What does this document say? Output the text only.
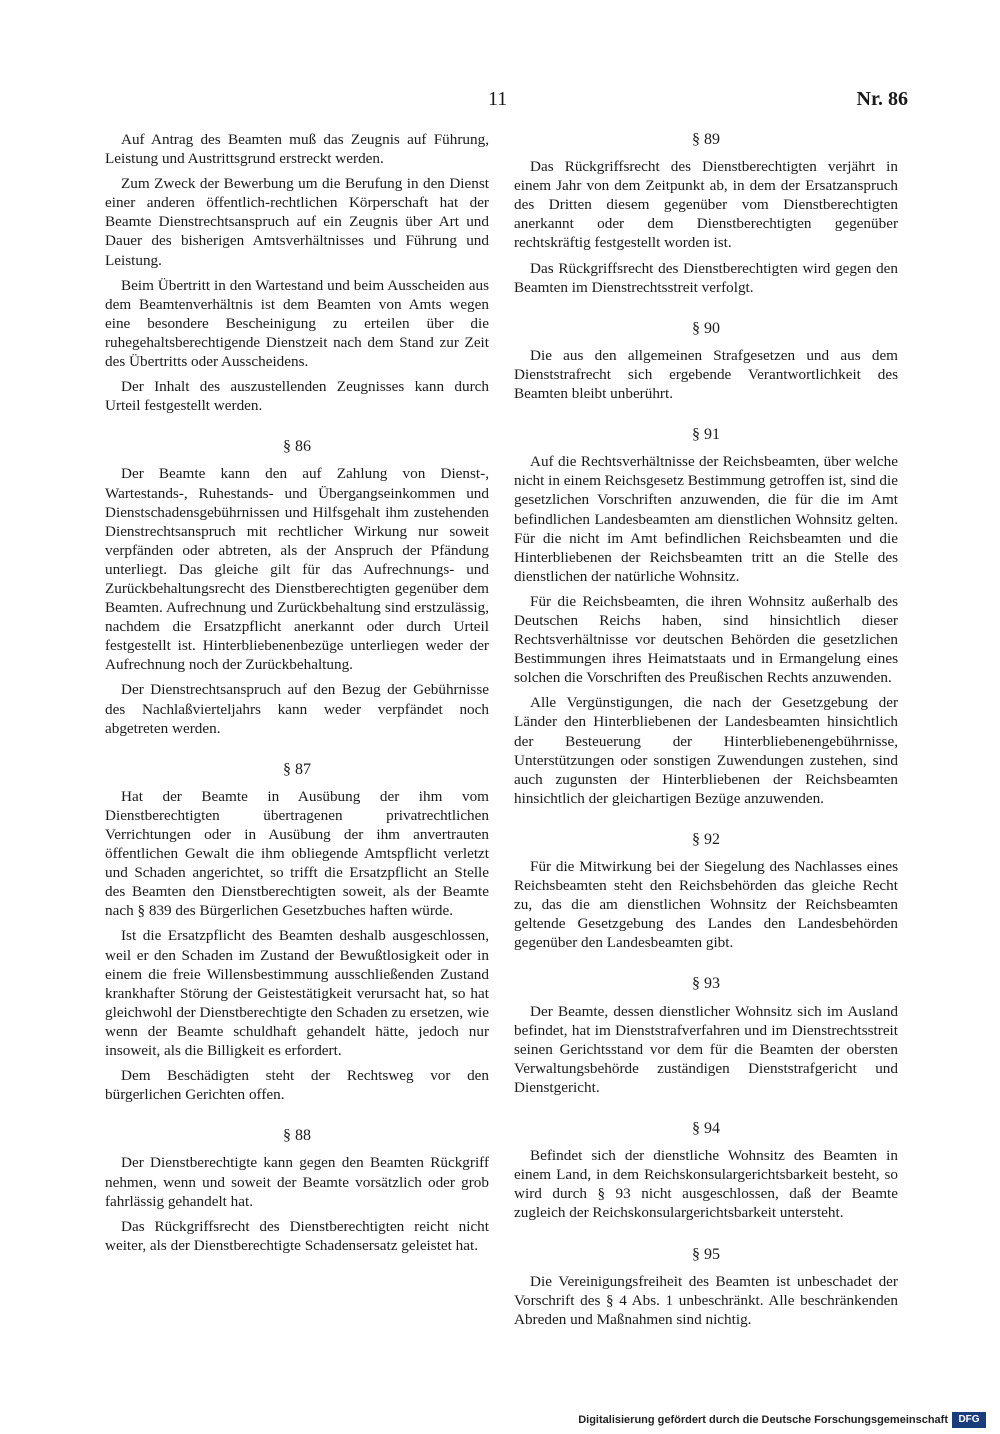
11	Nr. 86

Auf Antrag des Beamten muß das Zeugnis auf Führung, Leistung und Austrittsgrund erstreckt werden.

Zum Zweck der Bewerbung um die Berufung in den Dienst einer anderen öffentlich-rechtlichen Körperschaft hat der Beamte Dienstrechtsanspruch auf ein Zeugnis über Art und Dauer des bisherigen Amtsverhältnisses und Führung und Leistung.

Beim Übertritt in den Wartestand und beim Ausscheiden aus dem Beamtenverhältnis ist dem Beamten von Amts wegen eine besondere Bescheinigung zu erteilen über die ruhegehaltsberechtigende Dienstzeit nach dem Stand zur Zeit des Übertritts oder Ausscheidens.

Der Inhalt des auszustellenden Zeugnisses kann durch Urteil festgestellt werden.

§ 86

Der Beamte kann den auf Zahlung von Dienst-, Wartestands-, Ruhestands- und Übergangseinkommen und Dienstschadensgebührnissen und Hilfsgehalt ihm zustehenden Dienstrechtsanspruch mit rechtlicher Wirkung nur soweit verpfänden oder abtreten, als der Anspruch der Pfändung unterliegt. Das gleiche gilt für das Aufrechnungs- und Zurückbehaltungsrecht des Dienstberechtigten gegenüber dem Beamten. Aufrechnung und Zurückbehaltung sind erstzulässig, nachdem die Ersatzpflicht anerkannt oder durch Urteil festgestellt ist. Hinterbliebenenbezüge unterliegen weder der Aufrechnung noch der Zurückbehaltung.

Der Dienstrechtsanspruch auf den Bezug der Gebührnisse des Nachlaßvierteljahrs kann weder verpfändet noch abgetreten werden.

§ 87

Hat der Beamte in Ausübung der ihm vom Dienstberechtigten übertragenen privatrechtlichen Verrichtungen oder in Ausübung der ihm anvertrauten öffentlichen Gewalt die ihm obliegende Amtspflicht verletzt und Schaden angerichtet, so trifft die Ersatzpflicht an Stelle des Beamten den Dienstberechtigten soweit, als der Beamte nach § 839 des Bürgerlichen Gesetzbuches haften würde.

Ist die Ersatzpflicht des Beamten deshalb ausgeschlossen, weil er den Schaden im Zustand der Bewußtlosigkeit oder in einem die freie Willensbestimmung ausschließenden Zustand krankhafter Störung der Geistestätigkeit verursacht hat, so hat gleichwohl der Dienstberechtigte den Schaden zu ersetzen, wie wenn der Beamte schuldhaft gehandelt hätte, jedoch nur insoweit, als die Billigkeit es erfordert.

Dem Beschädigten steht der Rechtsweg vor den bürgerlichen Gerichten offen.

§ 88

Der Dienstberechtigte kann gegen den Beamten Rückgriff nehmen, wenn und soweit der Beamte vorsätzlich oder grob fahrlässig gehandelt hat.

Das Rückgriffsrecht des Dienstberechtigten reicht nicht weiter, als der Dienstberechtigte Schadensersatz geleistet hat.

§ 89

Das Rückgriffsrecht des Dienstberechtigten verjährt in einem Jahr von dem Zeitpunkt ab, in dem der Ersatzanspruch des Dritten diesem gegenüber vom Dienstberechtigten anerkannt oder dem Dienstberechtigten gegenüber rechtskräftig festgestellt worden ist.

Das Rückgriffsrecht des Dienstberechtigten wird gegen den Beamten im Dienstrechtsstreit verfolgt.

§ 90

Die aus den allgemeinen Strafgesetzen und aus dem Dienststrafrecht sich ergebende Verantwortlichkeit des Beamten bleibt unberührt.

§ 91

Auf die Rechtsverhältnisse der Reichsbeamten, über welche nicht in einem Reichsgesetz Bestimmung getroffen ist, sind die gesetzlichen Vorschriften anzuwenden, die für die im Amt befindlichen Landesbeamten am dienstlichen Wohnsitz gelten. Für die nicht im Amt befindlichen Reichsbeamten und die Hinterbliebenen der Reichsbeamten tritt an die Stelle des dienstlichen der natürliche Wohnsitz.

Für die Reichsbeamten, die ihren Wohnsitz außerhalb des Deutschen Reichs haben, sind hinsichtlich dieser Rechtsverhältnisse vor deutschen Behörden die gesetzlichen Bestimmungen ihres Heimatstaats und in Ermangelung eines solchen die Vorschriften des Preußischen Rechts anzuwenden.

Alle Vergünstigungen, die nach der Gesetzgebung der Länder den Hinterbliebenen der Landesbeamten hinsichtlich der Besteuerung der Hinterbliebenengebührnisse, Unterstützungen oder sonstigen Zuwendungen zustehen, sind auch zugunsten der Hinterbliebenen der Reichsbeamten hinsichtlich der gleichartigen Bezüge anzuwenden.

§ 92

Für die Mitwirkung bei der Siegelung des Nachlasses eines Reichsbeamten steht den Reichsbehörden das gleiche Recht zu, das die am dienstlichen Wohnsitz der Reichsbeamten geltende Gesetzgebung des Landes den Landesbehörden gegenüber den Landesbeamten gibt.

§ 93

Der Beamte, dessen dienstlicher Wohnsitz sich im Ausland befindet, hat im Dienststrafverfahren und im Dienstrechtsstreit seinen Gerichtsstand vor dem für die Beamten der obersten Verwaltungsbehörde zuständigen Dienststrafgericht und Dienstgericht.

§ 94

Befindet sich der dienstliche Wohnsitz des Beamten in einem Land, in dem Reichskonsulargerichtsbarkeit besteht, so wird durch § 93 nicht ausgeschlossen, daß der Beamte zugleich der Reichskonsulargerichtsbarkeit untersteht.

§ 95

Die Vereinigungsfreiheit des Beamten ist unbeschadet der Vorschrift des § 4 Abs. 1 unbeschränkt. Alle beschränkenden Abreden und Maßnahmen sind nichtig.

Digitalisierung gefördert durch die Deutsche Forschungsgemeinschaft	DFG
